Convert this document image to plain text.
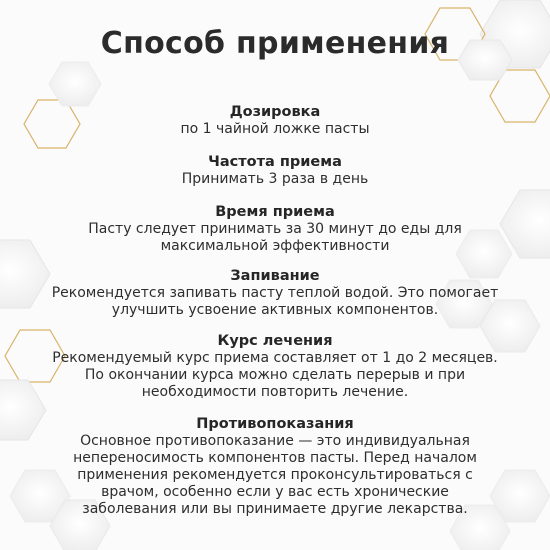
Способ применения
Дозировка

по 1 чайной ложке пасты

Частота приема

Принимать 3 раза в день

Время приема

Пасту следует принимать за 30 минут до еды для
максимальной эффективности

Запивание

Рекомендуется запивать пасту теплой водой. Это помогает
улучшить усвоение активных компонентов.

Курс лечения

Рекомендуемый курс приема составляет от 1 до 2 месяцев.
По окончании курса можно сделать перерыв и при
необходимости повторить лечение.

Противопоказания

Основное противопоказание — это индивидуальная
непереносимость компонентов пасты. Перед началом
применения рекомендуется проконсультироваться с
врачом, особенно если у вас есть хронические
заболевания или вы принимаете другие лекарства.
